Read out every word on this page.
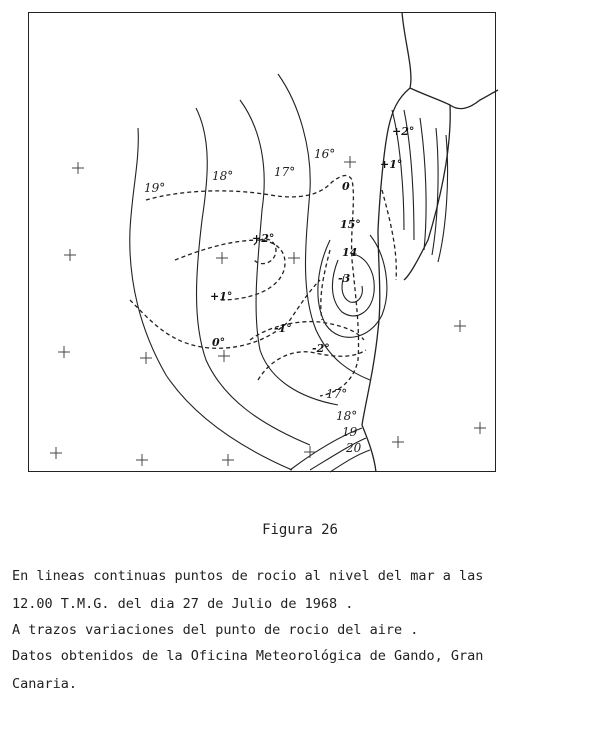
19°
18°	17°
16°
17°
18°
19
20
+2°
+1°
0
+2°
+1°
15°
14
-3
-1°
-2°
0°
Figura 26
En lineas continuas puntos de rocio al nivel del mar a las
12.00 T.M.G. del dia 27 de Julio de 1968 .
A trazos variaciones del punto de rocio del aire .
Datos obtenidos de la Oficina Meteorológica de Gando, Gran
Canaria.
